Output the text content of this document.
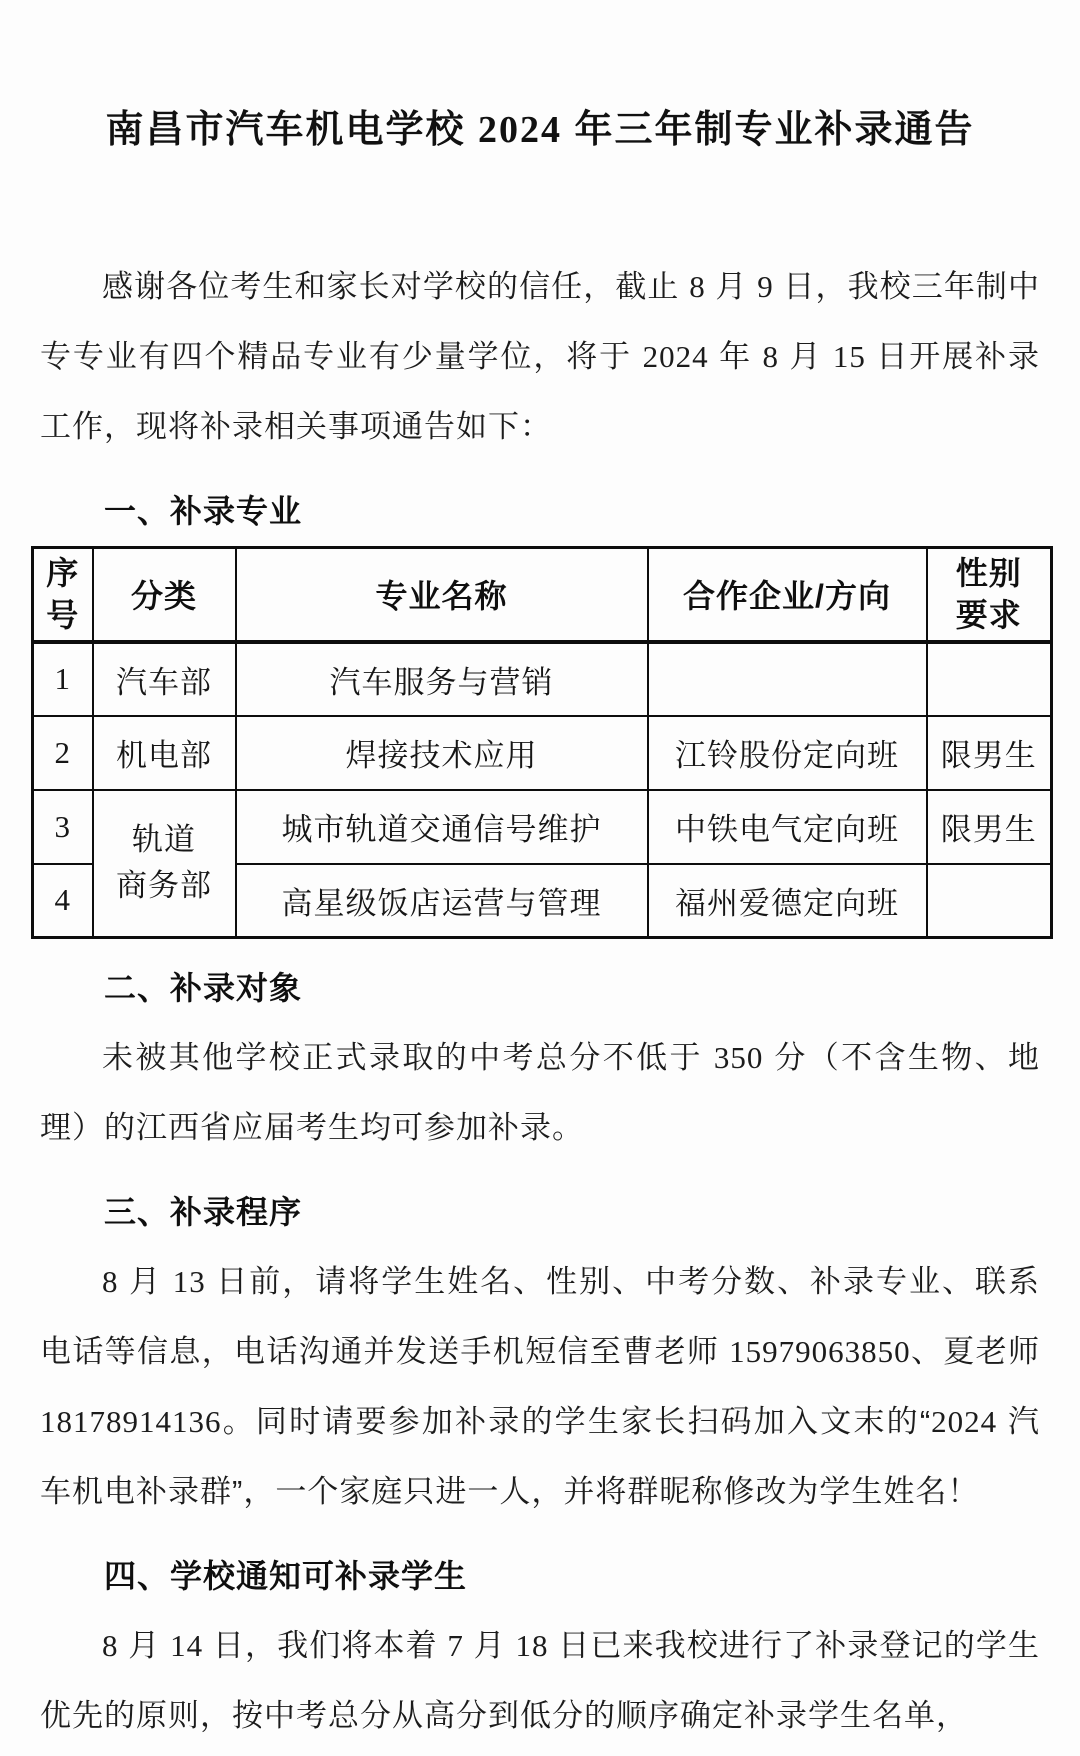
南昌市汽车机电学校 2024 年三年制专业补录通告

感谢各位考生和家长对学校的信任，截止 8 月 9 日，我校三年制中专专业有四个精品专业有少量学位，将于 2024 年 8 月 15 日开展补录工作，现将补录相关事项通告如下：

一、补录专业
序
号	分类	专业名称	合作企业/方向	性别
要求

1	汽车部	汽车服务与营销		
2	机电部	焊接技术应用	江铃股份定向班	限男生
3	轨道
商务部	城市轨道交通信号维护	中铁电气定向班	限男生
4		高星级饭店运营与管理	福州爱德定向班	
二、补录对象

未被其他学校正式录取的中考总分不低于 350 分（不含生物、地理）的江西省应届考生均可参加补录。

三、补录程序

8 月 13 日前，请将学生姓名、性别、中考分数、补录专业、联系电话等信息，电话沟通并发送手机短信至曹老师 15979063850、夏老师 18178914136。同时请要参加补录的学生家长扫码加入文末的“2024 汽车机电补录群”，一个家庭只进一人，并将群昵称修改为学生姓名！

四、学校通知可补录学生

8 月 14 日，我们将本着 7 月 18 日已来我校进行了补录登记的学生优先的原则，按中考总分从高分到低分的顺序确定补录学生名单，
